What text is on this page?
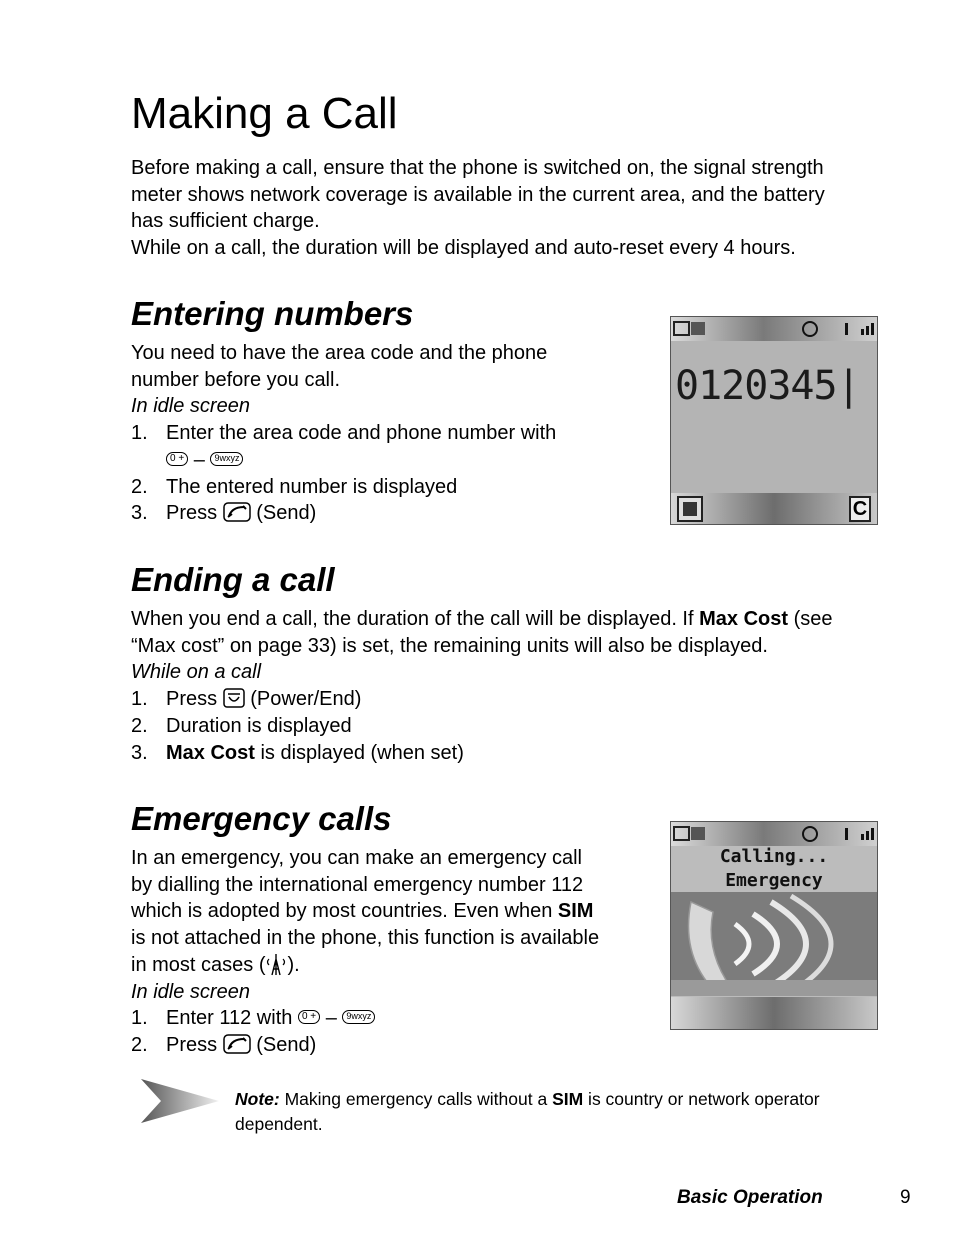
Making a Call

Before making a call, ensure that the phone is switched on, the signal strength

meter shows network coverage is available in the current area, and the battery

has sufficient charge.

While on a call, the duration will be displayed and auto-reset every 4 hours.

Entering numbers

You need to have the area code and the phone

number before you call.

In idle screen

1. Enter the area code and phone number with
0 + – 9wxyz
2. The entered number is displayed
3. Press (Send)
0120345|
C
Ending a call

When you end a call, the duration of the call will be displayed. If Max Cost (see

“Max cost” on page 33) is set, the remaining units will also be displayed.

While on a call

1. Press (Power/End)
2. Duration is displayed
3. Max Cost is displayed (when set)
Emergency calls

In an emergency, you can make an emergency call

by dialling the international emergency number 112

which is adopted by most countries. Even when SIM

is not attached in the phone, this function is available

in most cases ( ).

In idle screen

1. Enter 112 with 0 + – 9wxyz
2. Press (Send)
Calling...
Emergency
Note: Making emergency calls without a SIM is country or network operator
dependent.
Basic Operation	9
